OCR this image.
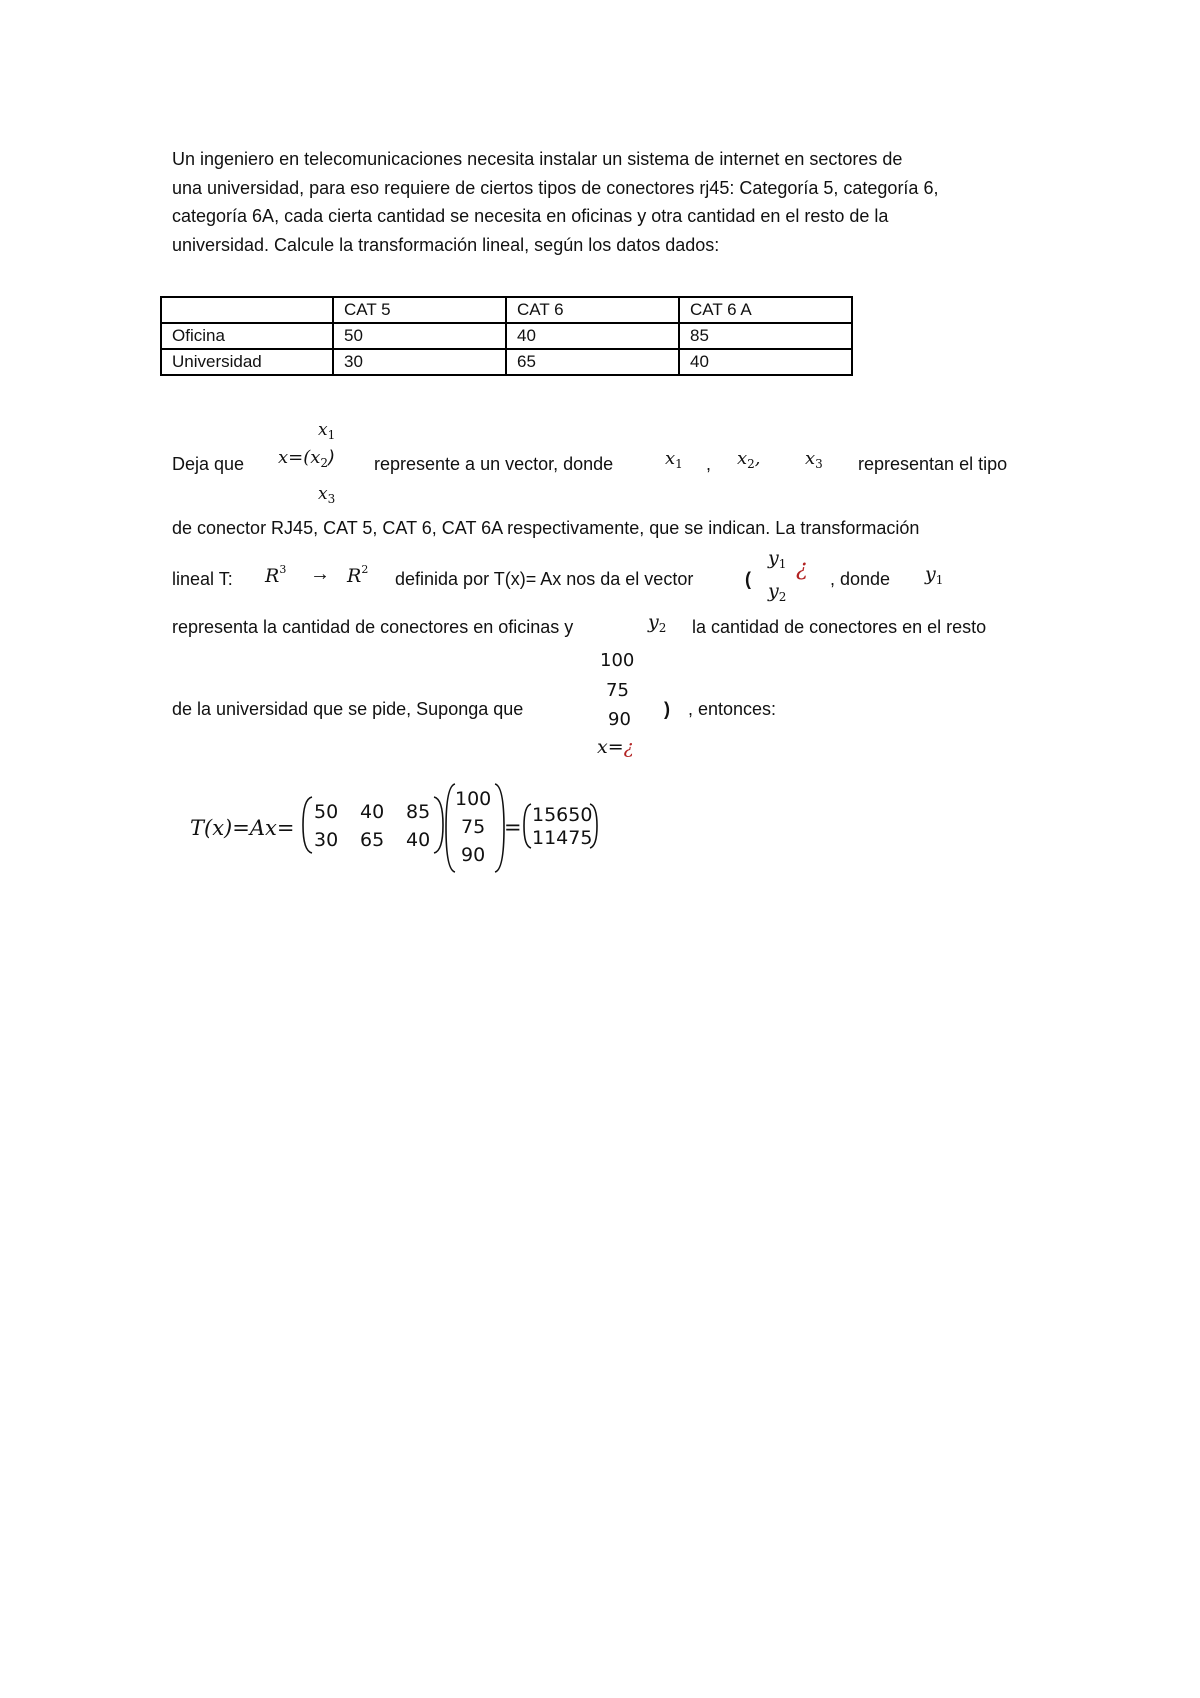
Un ingeniero en telecomunicaciones necesita instalar un sistema de internet en sectores de
una universidad, para eso requiere de ciertos tipos de conectores rj45: Categoría 5, categoría 6,
categoría 6A, cada cierta cantidad se necesita en oficinas y otra cantidad en el resto de la
universidad. Calcule la transformación lineal, según los datos dados:
	CAT 5	CAT 6	CAT 6 A
Oficina	50	40	85
Universidad	30	65	40
Deja que
$x_1$
$x=(x_2)$
$x_3$
represente a un vector, donde	$x_1$ , $x_2$, $x_3$ representan el tipo
de conector RJ45, CAT 5, CAT 6, CAT 6A respectivamente, que se indican. La transformación
lineal T: $R^3 \to R^2$ definida por T(x)= Ax nos da el vector	(
$y_1$ ¿
$y_2$
, donde $y_1$
representa la cantidad de conectores en oficinas y	$y_2$ la cantidad de conectores en el resto
de la universidad que se pide, Suponga que
100
75
90
x=¿
) , entonces:
T(x)=Ax=
50 40 85
30 65 40
100
75
90
= 15650
11475
